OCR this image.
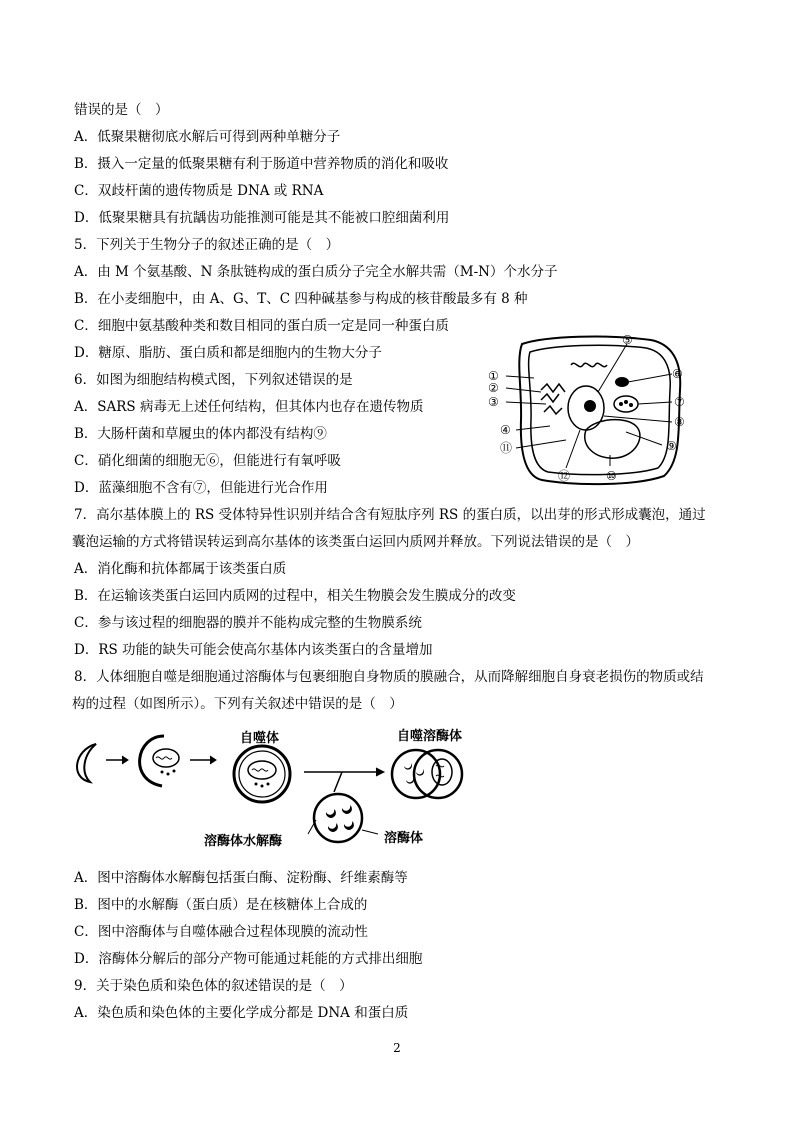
错误的是（　）
A．低聚果糖彻底水解后可得到两种单糖分子
B．摄入一定量的低聚果糖有利于肠道中营养物质的消化和吸收
C．双歧杆菌的遗传物质是 DNA 或 RNA
D．低聚果糖具有抗龋齿功能推测可能是其不能被口腔细菌利用
5．下列关于生物分子的叙述正确的是（　）
A．由 M 个氨基酸、N 条肽链构成的蛋白质分子完全水解共需（M-N）个水分子
B．在小麦细胞中，由 A、G、T、C 四种碱基参与构成的核苷酸最多有 8 种
C．细胞中氨基酸种类和数目相同的蛋白质一定是同一种蛋白质
D．糖原、脂肪、蛋白质和都是细胞内的生物大分子
6．如图为细胞结构模式图，下列叙述错误的是
A．SARS 病毒无上述任何结构，但其体内也存在遗传物质
B．大肠杆菌和草履虫的体内都没有结构⑨
C．硝化细菌的细胞无⑥，但能进行有氧呼吸
D．蓝藻细胞不含有⑦，但能进行光合作用
①
②
③
④
⑤
⑥
⑦
⑧
⑨
⑩
⑪
⑫
7．高尔基体膜上的 RS 受体特异性识别并结合含有短肽序列 RS 的蛋白质，以出芽的形式形成囊泡，通过
囊泡运输的方式将错误转运到高尔基体的该类蛋白运回内质网并释放。下列说法错误的是（　）
A．消化酶和抗体都属于该类蛋白质
B．在运输该类蛋白运回内质网的过程中，相关生物膜会发生膜成分的改变
C．参与该过程的细胞器的膜并不能构成完整的生物膜系统
D．RS 功能的缺失可能会使高尔基体内该类蛋白的含量增加
8．人体细胞自噬是细胞通过溶酶体与包裹细胞自身物质的膜融合，从而降解细胞自身衰老损伤的物质或结
构的过程（如图所示）。下列有关叙述中错误的是（　）
自噬体	自噬溶酶体
溶酶体水解酶	溶酶体
A．图中溶酶体水解酶包括蛋白酶、淀粉酶、纤维素酶等
B．图中的水解酶（蛋白质）是在核糖体上合成的
C．图中溶酶体与自噬体融合过程体现膜的流动性
D．溶酶体分解后的部分产物可能通过耗能的方式排出细胞
9．关于染色质和染色体的叙述错误的是（　）
A．染色质和染色体的主要化学成分都是 DNA 和蛋白质
2
